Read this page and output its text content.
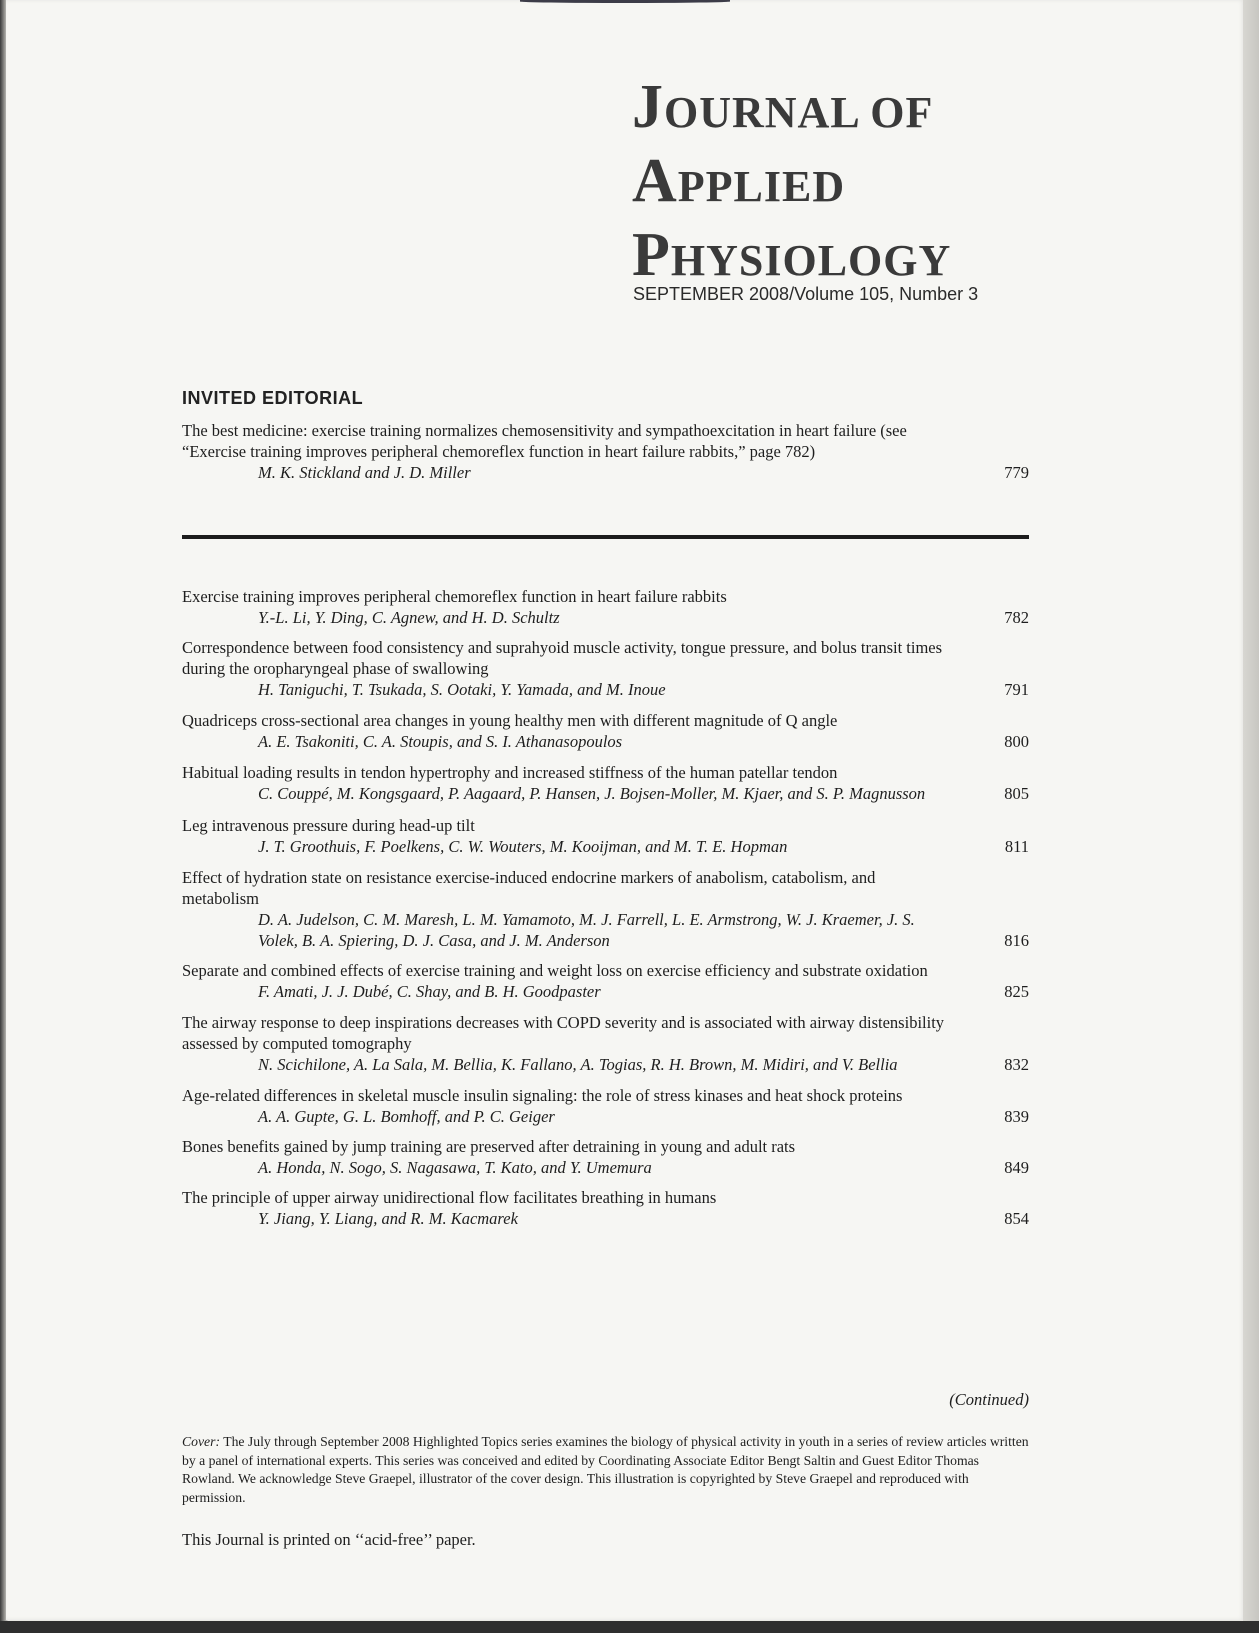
JOURNAL OF
APPLIED
PHYSIOLOGY
SEPTEMBER 2008/Volume 105, Number 3
INVITED EDITORIAL
The best medicine: exercise training normalizes chemosensitivity and sympathoexcitation in heart failure (see “Exercise training improves peripheral chemoreflex function in heart failure rabbits,” page 782)
M. K. Stickland and J. D. Miller	779
Exercise training improves peripheral chemoreflex function in heart failure rabbits
Y.-L. Li, Y. Ding, C. Agnew, and H. D. Schultz	782
Correspondence between food consistency and suprahyoid muscle activity, tongue pressure, and bolus transit times during the oropharyngeal phase of swallowing
H. Taniguchi, T. Tsukada, S. Ootaki, Y. Yamada, and M. Inoue	791
Quadriceps cross-sectional area changes in young healthy men with different magnitude of Q angle
A. E. Tsakoniti, C. A. Stoupis, and S. I. Athanasopoulos	800
Habitual loading results in tendon hypertrophy and increased stiffness of the human patellar tendon
C. Couppé, M. Kongsgaard, P. Aagaard, P. Hansen, J. Bojsen-Moller, M. Kjaer, and S. P. Magnusson	805
Leg intravenous pressure during head-up tilt
J. T. Groothuis, F. Poelkens, C. W. Wouters, M. Kooijman, and M. T. E. Hopman	811
Effect of hydration state on resistance exercise-induced endocrine markers of anabolism, catabolism, and metabolism
D. A. Judelson, C. M. Maresh, L. M. Yamamoto, M. J. Farrell, L. E. Armstrong, W. J. Kraemer, J. S. Volek, B. A. Spiering, D. J. Casa, and J. M. Anderson	816
Separate and combined effects of exercise training and weight loss on exercise efficiency and substrate oxidation
F. Amati, J. J. Dubé, C. Shay, and B. H. Goodpaster	825
The airway response to deep inspirations decreases with COPD severity and is associated with airway distensibility assessed by computed tomography
N. Scichilone, A. La Sala, M. Bellia, K. Fallano, A. Togias, R. H. Brown, M. Midiri, and V. Bellia	832
Age-related differences in skeletal muscle insulin signaling: the role of stress kinases and heat shock proteins
A. A. Gupte, G. L. Bomhoff, and P. C. Geiger	839
Bones benefits gained by jump training are preserved after detraining in young and adult rats
A. Honda, N. Sogo, S. Nagasawa, T. Kato, and Y. Umemura	849
The principle of upper airway unidirectional flow facilitates breathing in humans
Y. Jiang, Y. Liang, and R. M. Kacmarek	854
(Continued)
Cover: The July through September 2008 Highlighted Topics series examines the biology of physical activity in youth in a series of review articles written by a panel of international experts. This series was conceived and edited by Coordinating Associate Editor Bengt Saltin and Guest Editor Thomas Rowland. We acknowledge Steve Graepel, illustrator of the cover design. This illustration is copyrighted by Steve Graepel and reproduced with permission.
This Journal is printed on ‘‘acid-free’’ paper.
